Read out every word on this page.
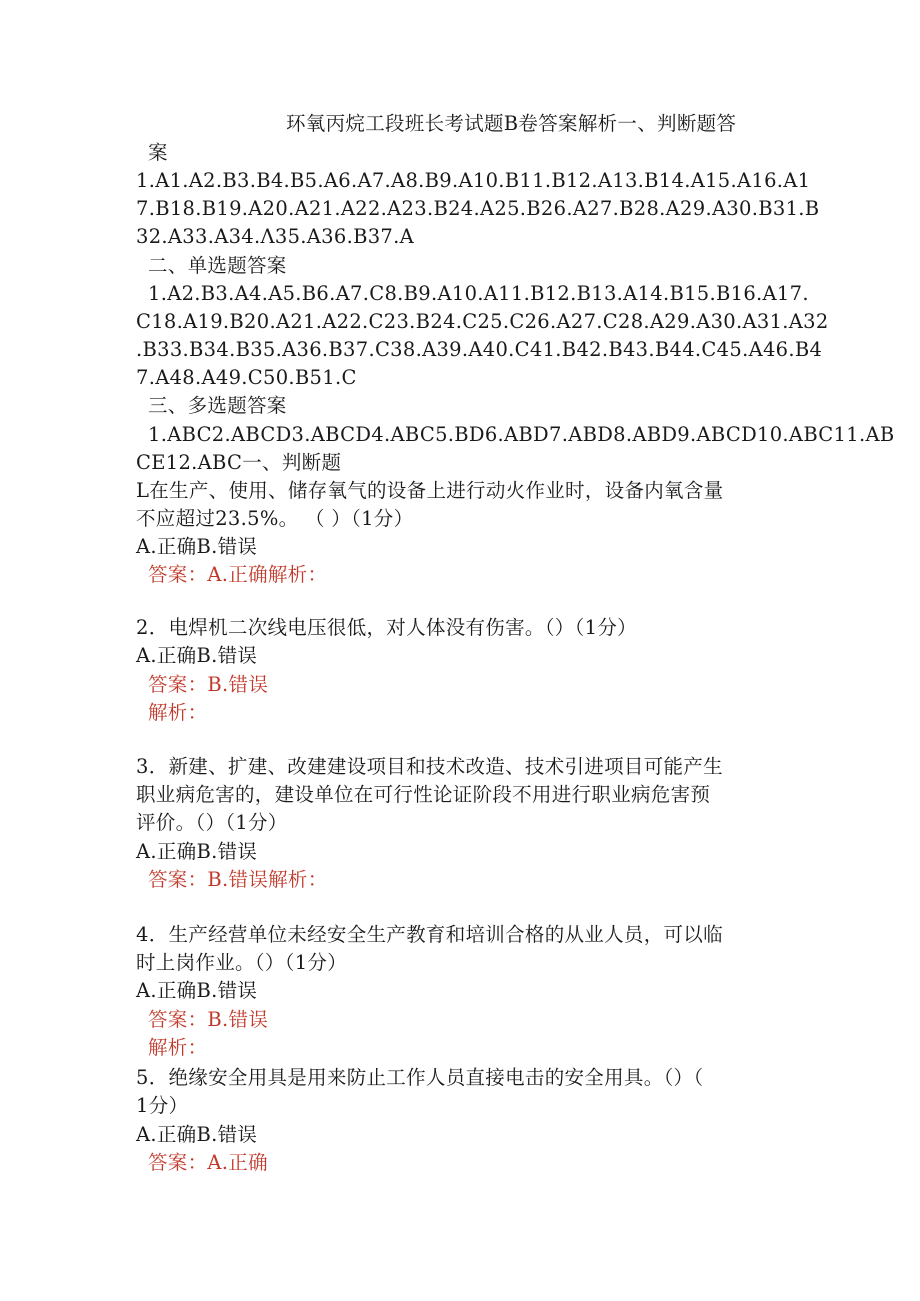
环氧丙烷工段班长考试题B卷答案解析一、判断题答
案
1.A1.A2.B3.B4.B5.A6.A7.A8.B9.A10.B11.B12.A13.B14.A15.A16.A1
7.B18.B19.A20.A21.A22.A23.B24.A25.B26.A27.B28.A29.A30.B31.B
32.A33.A34.Λ35.A36.B37.A
二、单选题答案
1.A2.B3.A4.A5.B6.A7.C8.B9.A10.A11.B12.B13.A14.B15.B16.A17.
C18.A19.B20.A21.A22.C23.B24.C25.C26.A27.C28.A29.A30.A31.A32
.B33.B34.B35.A36.B37.C38.A39.A40.C41.B42.B43.B44.C45.A46.B4
7.A48.A49.C50.B51.C
三、多选题答案
1.ABC2.ABCD3.ABCD4.ABC5.BD6.ABD7.ABD8.ABD9.ABCD10.ABC11.AB
CE12.ABC一、判断题
L在生产、使用、储存氧气的设备上进行动火作业时，设备内氧含量
不应超过23.5%。 （ ）（1分）
A.正确B.错误
答案：A.正确解析：
2．电焊机二次线电压很低，对人体没有伤害。（）（1分）
A.正确B.错误
答案：B.错误
解析：
3．新建、扩建、改建建设项目和技术改造、技术引进项目可能产生
职业病危害的，建设单位在可行性论证阶段不用进行职业病危害预
评价。（）（1分）
A.正确B.错误
答案：B.错误解析：
4．生产经营单位未经安全生产教育和培训合格的从业人员，可以临
时上岗作业。（）（1分）
A.正确B.错误
答案：B.错误
解析：
5．绝缘安全用具是用来防止工作人员直接电击的安全用具。（）（
1分）
A.正确B.错误
答案：A.正确
